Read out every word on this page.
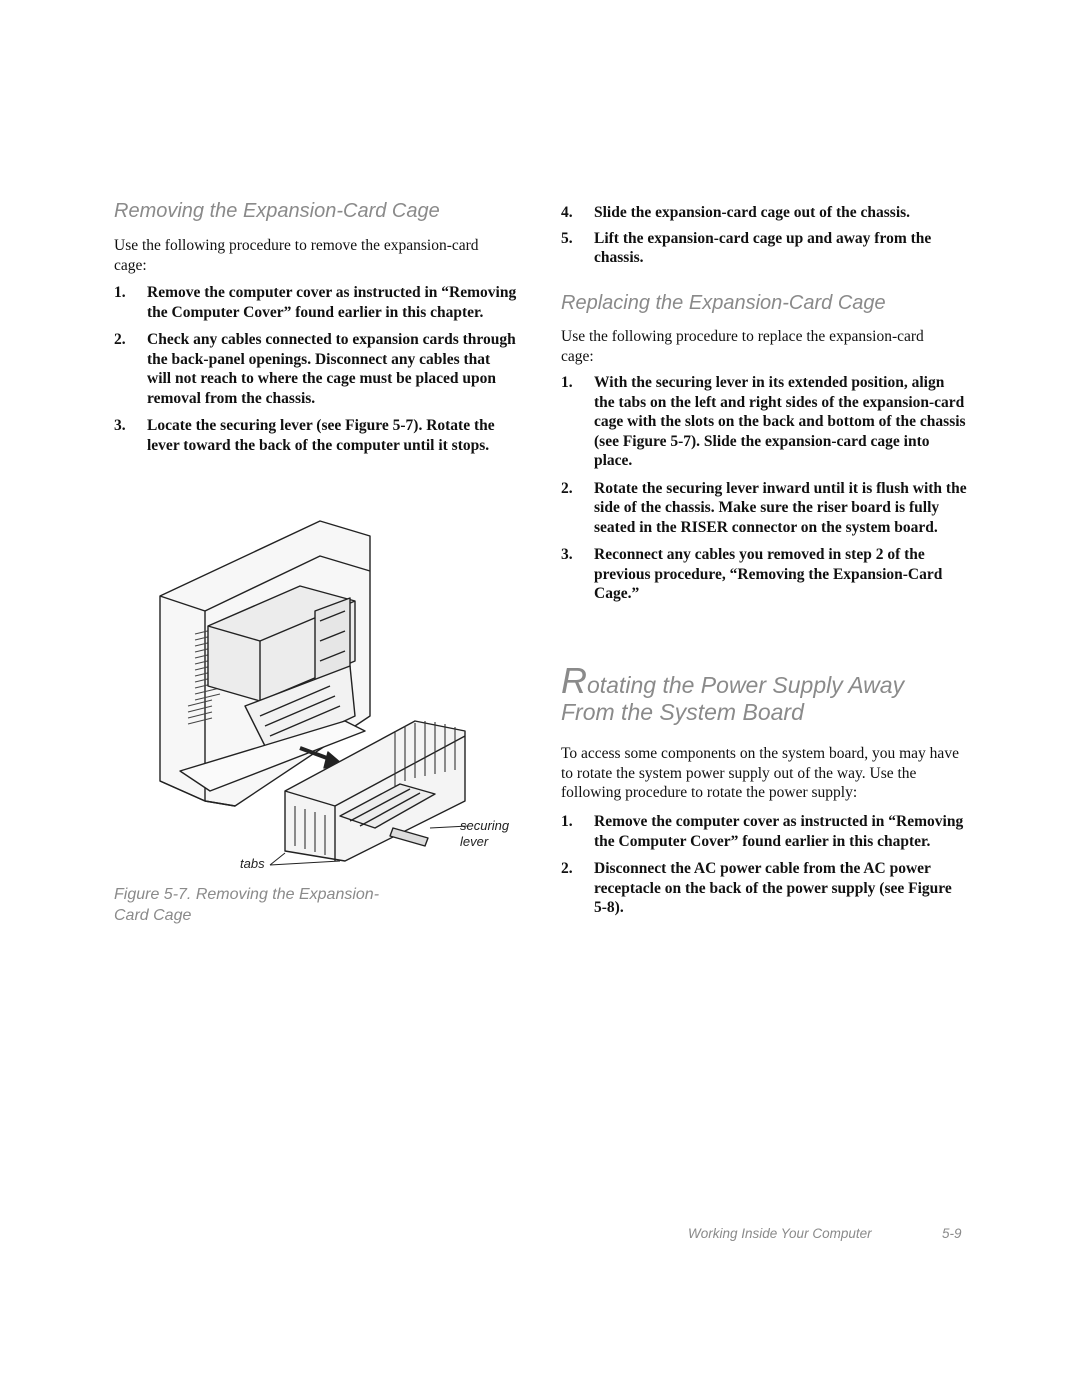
Removing the Expansion-Card Cage

Use the following procedure to remove the expansion-card cage:

1. Remove the computer cover as instructed in “Removing the Computer Cover” found earlier in this chapter.
2. Check any cables connected to expansion cards through the back-panel openings. Disconnect any cables that will not reach to where the cage must be placed upon removal from the chassis.
3. Locate the securing lever (see Figure 5-7). Rotate the lever toward the back of the computer until it stops.
securing
lever
tabs

Figure 5-7. Removing the Expansion-
Card Cage

4. Slide the expansion-card cage out of the chassis.
5. Lift the expansion-card cage up and away from the chassis.
Replacing the Expansion-Card Cage

Use the following procedure to replace the expansion-card cage:

1. With the securing lever in its extended position, align the tabs on the left and right sides of the expansion-card cage with the slots on the back and bottom of the chassis (see Figure 5-7). Slide the expansion-card cage into place.
2. Rotate the securing lever inward until it is flush with the side of the chassis. Make sure the riser board is fully seated in the RISER connector on the system board.
3. Reconnect any cables you removed in step 2 of the previous procedure, “Removing the Expansion-Card Cage.”
Rotating the Power Supply Away
From the System Board

To access some components on the system board, you may have to rotate the system power supply out of the way. Use the following procedure to rotate the power supply:

1. Remove the computer cover as instructed in “Removing the Computer Cover” found earlier in this chapter.
2. Disconnect the AC power cable from the AC power receptacle on the back of the power supply (see Figure 5-8).
Working Inside Your Computer	5-9
